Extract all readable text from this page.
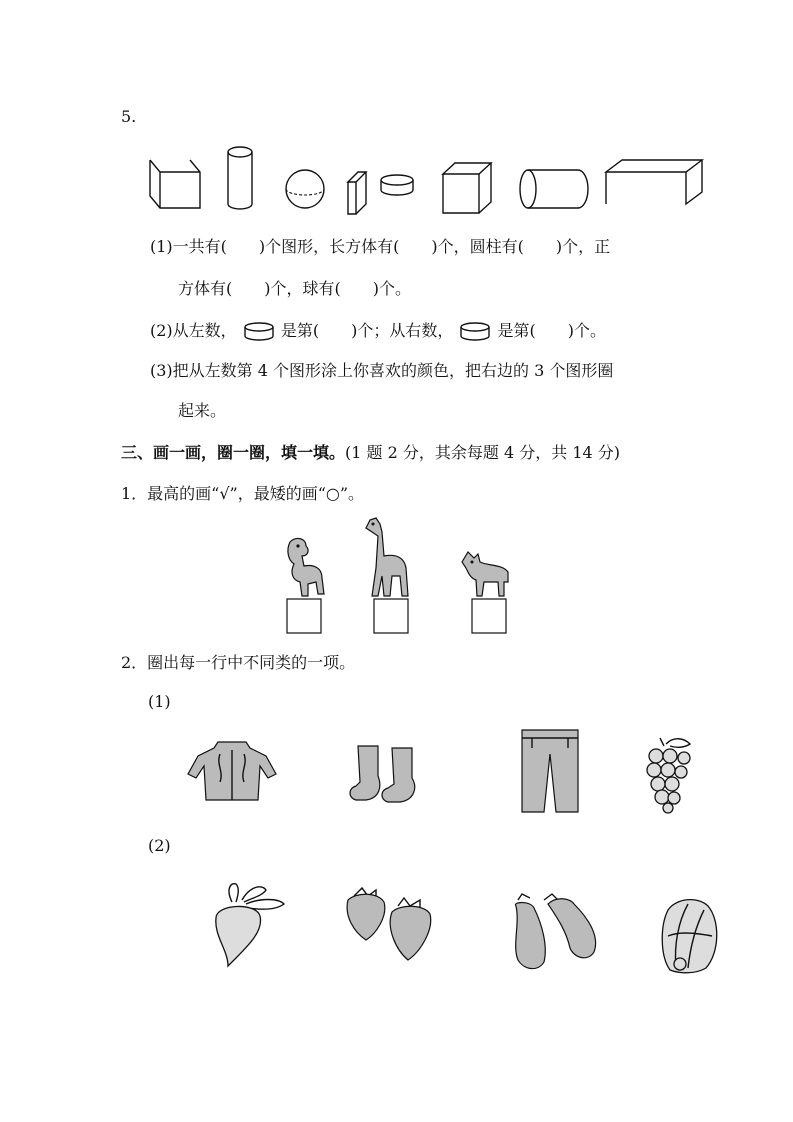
5.
(1)一共有(　　)个图形，长方体有(　　)个，圆柱有(　　)个，正
方体有(　　)个，球有(　　)个。
(2)从左数，	是第(　　)个；从右数，	是第(　　)个。
(3)把从左数第 4 个图形涂上你喜欢的颜色，把右边的 3 个图形圈
起来。
三、画一画，圈一圈，填一填。(1 题 2 分，其余每题 4 分，共 14 分)
1．最高的画“√”，最矮的画“○”。
2．圈出每一行中不同类的一项。
(1)
(2)
